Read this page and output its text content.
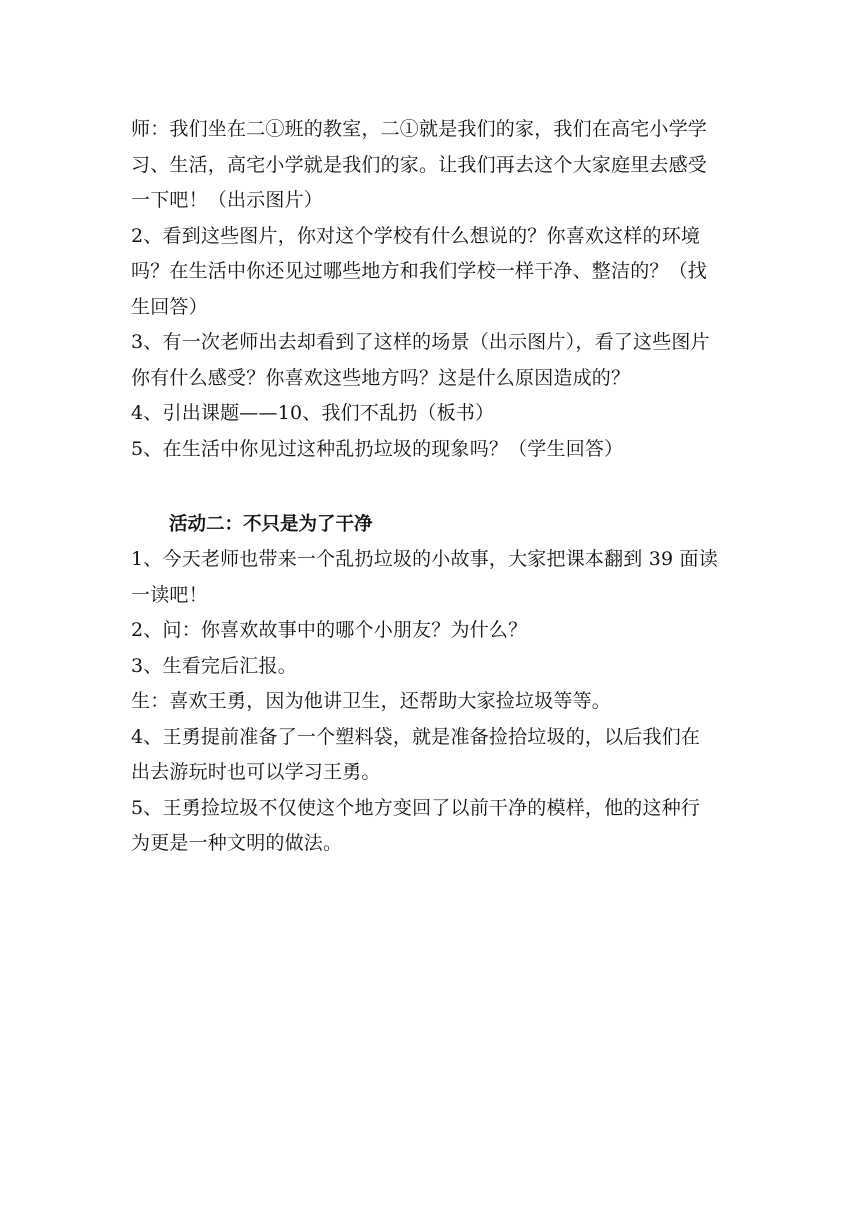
师：我们坐在二①班的教室，二①就是我们的家，我们在高宅小学学

习、生活，高宅小学就是我们的家。让我们再去这个大家庭里去感受

一下吧！（出示图片）

2、看到这些图片，你对这个学校有什么想说的？你喜欢这样的环境

吗？在生活中你还见过哪些地方和我们学校一样干净、整洁的？（找

生回答）

3、有一次老师出去却看到了这样的场景（出示图片），看了这些图片

你有什么感受？你喜欢这些地方吗？这是什么原因造成的？

4、引出课题——10、我们不乱扔（板书）

5、在生活中你见过这种乱扔垃圾的现象吗？（学生回答）

活动二：不只是为了干净

1、今天老师也带来一个乱扔垃圾的小故事，大家把课本翻到 39 面读

一读吧！

2、问：你喜欢故事中的哪个小朋友？为什么？

3、生看完后汇报。

生：喜欢王勇，因为他讲卫生，还帮助大家捡垃圾等等。

4、王勇提前准备了一个塑料袋，就是准备捡拾垃圾的，以后我们在

出去游玩时也可以学习王勇。

5、王勇捡垃圾不仅使这个地方变回了以前干净的模样，他的这种行

为更是一种文明的做法。
